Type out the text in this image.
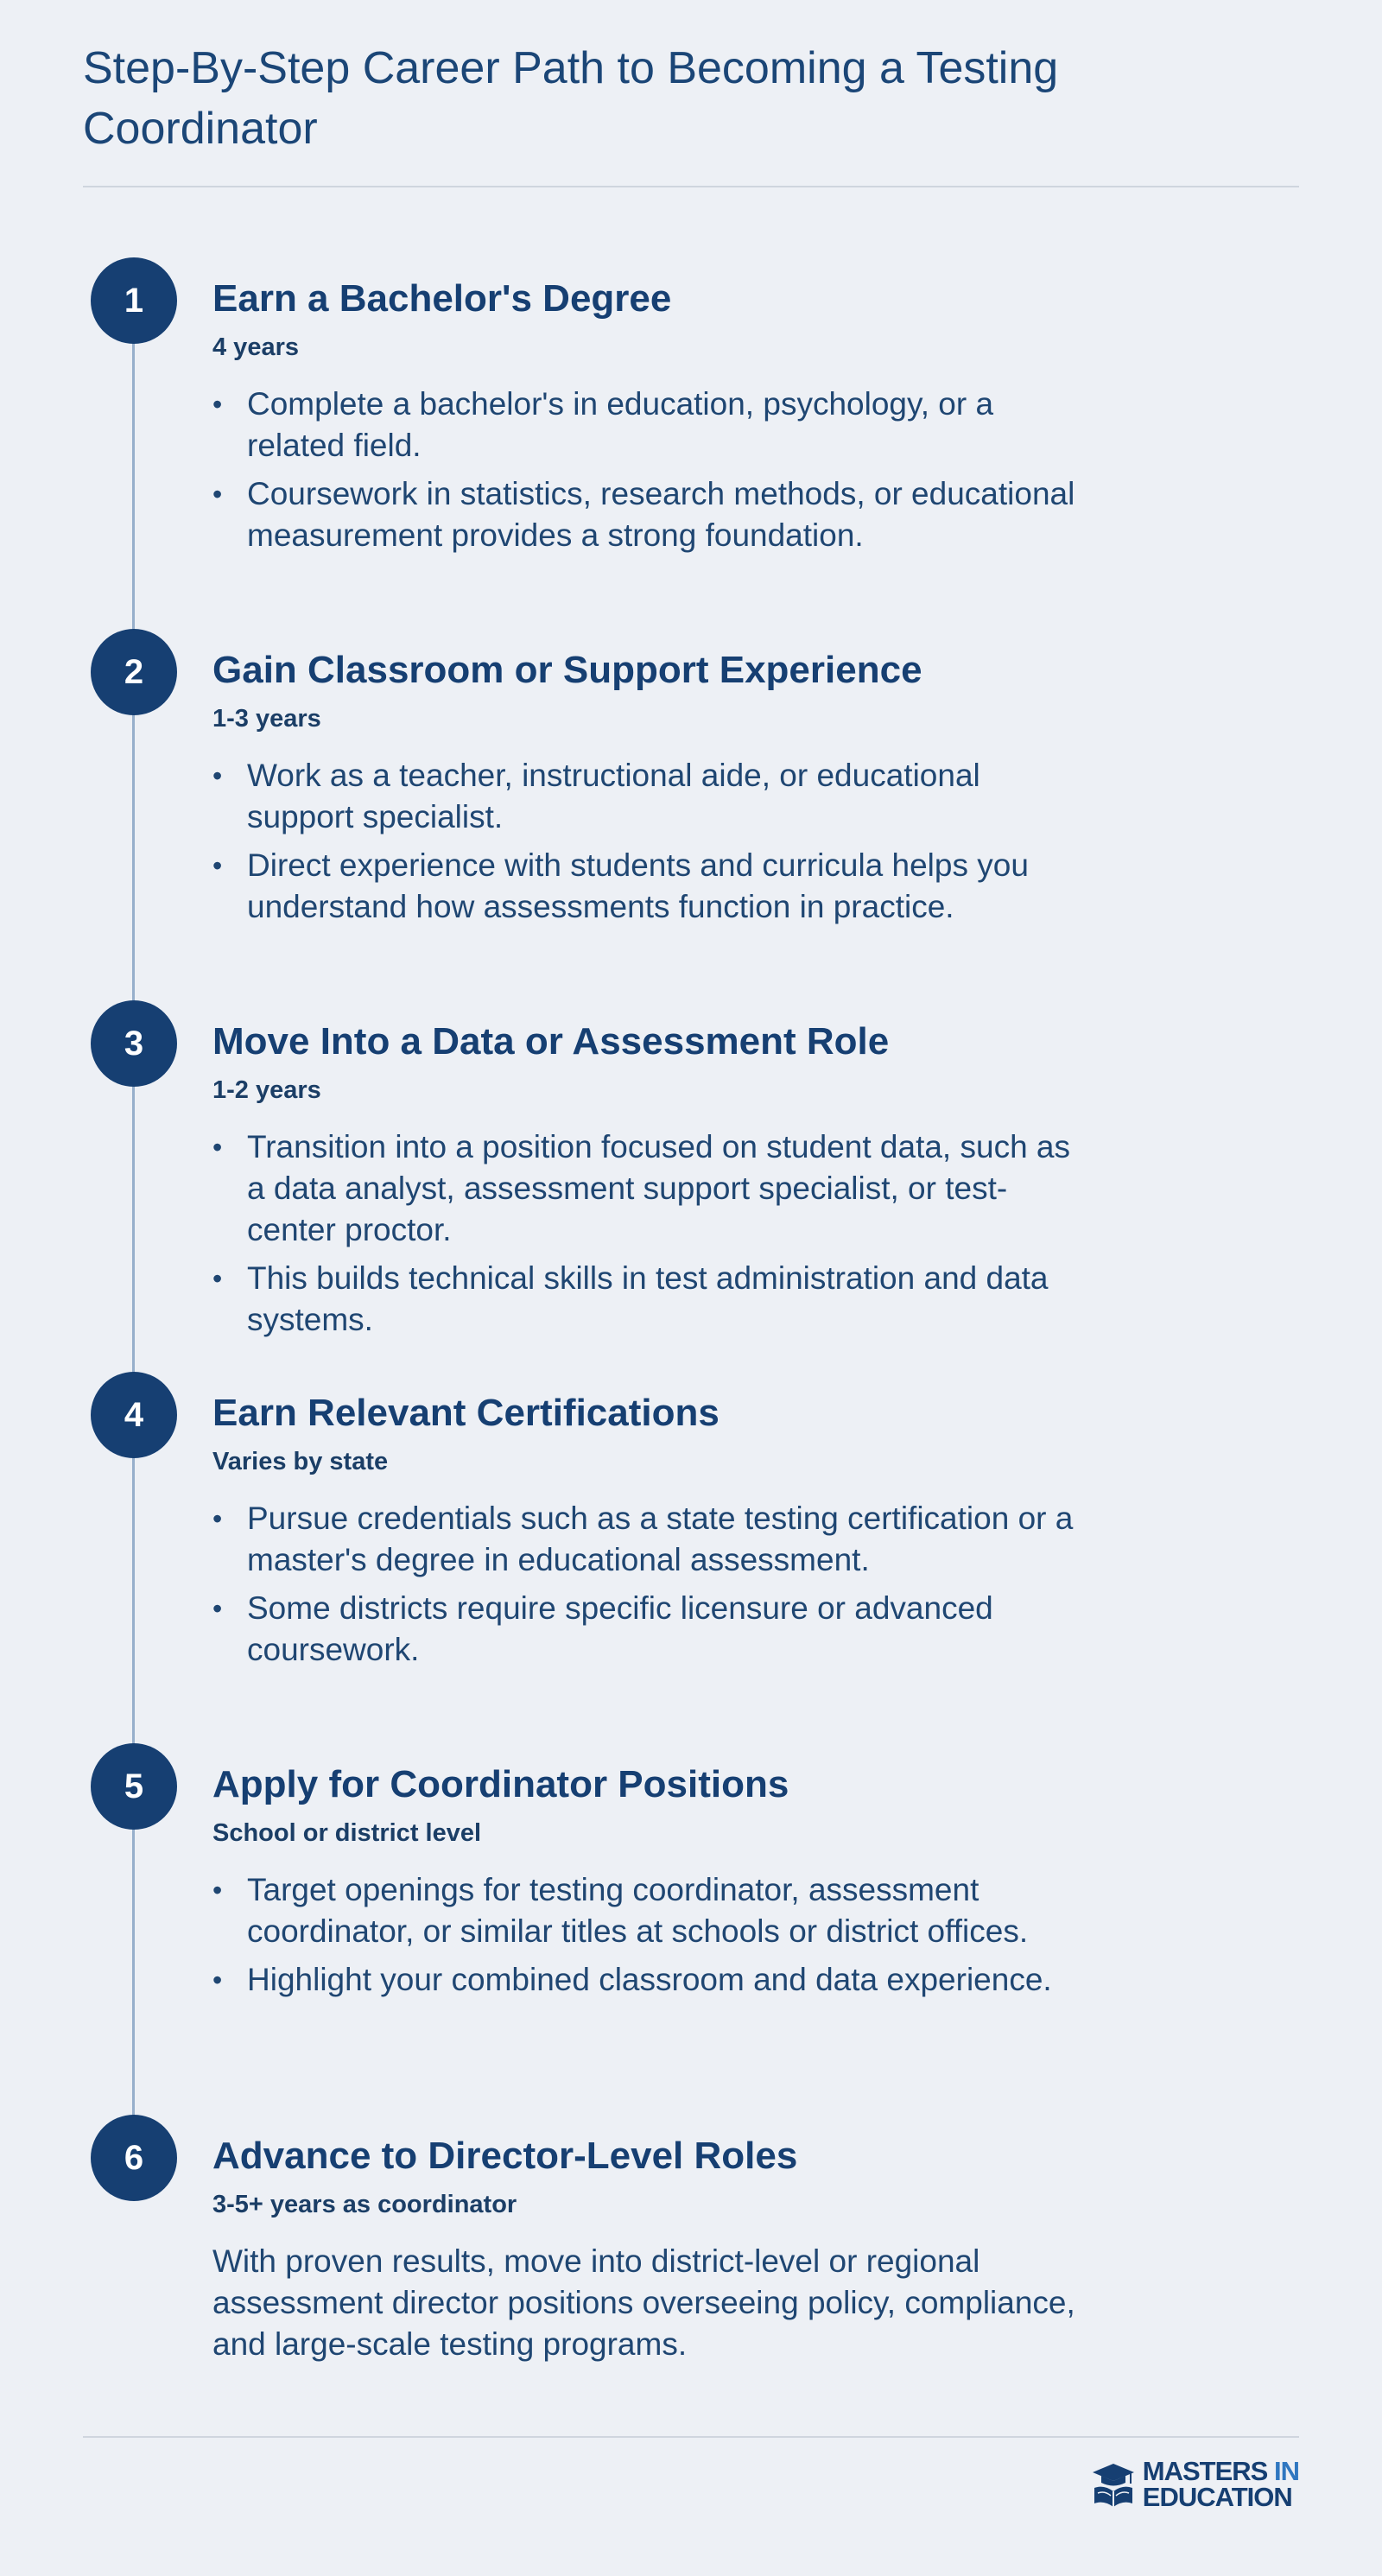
Step-By-Step Career Path to Becoming a Testing Coordinator
1	Earn a Bachelor's Degree
4 years
• Complete a bachelor's in education, psychology, or a related field.
• Coursework in statistics, research methods, or educational measurement provides a strong foundation.
2	Gain Classroom or Support Experience
1-3 years
• Work as a teacher, instructional aide, or educational support specialist.
• Direct experience with students and curricula helps you understand how assessments function in practice.
3	Move Into a Data or Assessment Role
1-2 years
• Transition into a position focused on student data, such as a data analyst, assessment support specialist, or test-center proctor.
• This builds technical skills in test administration and data systems.
4	Earn Relevant Certifications
Varies by state
• Pursue credentials such as a state testing certification or a master's degree in educational assessment.
• Some districts require specific licensure or advanced coursework.
5	Apply for Coordinator Positions
School or district level
• Target openings for testing coordinator, assessment coordinator, or similar titles at schools or district offices.
• Highlight your combined classroom and data experience.
6	Advance to Director-Level Roles
3-5+ years as coordinator

With proven results, move into district-level or regional assessment director positions overseeing policy, compliance, and large-scale testing programs.

MASTERS IN
EDUCATION
